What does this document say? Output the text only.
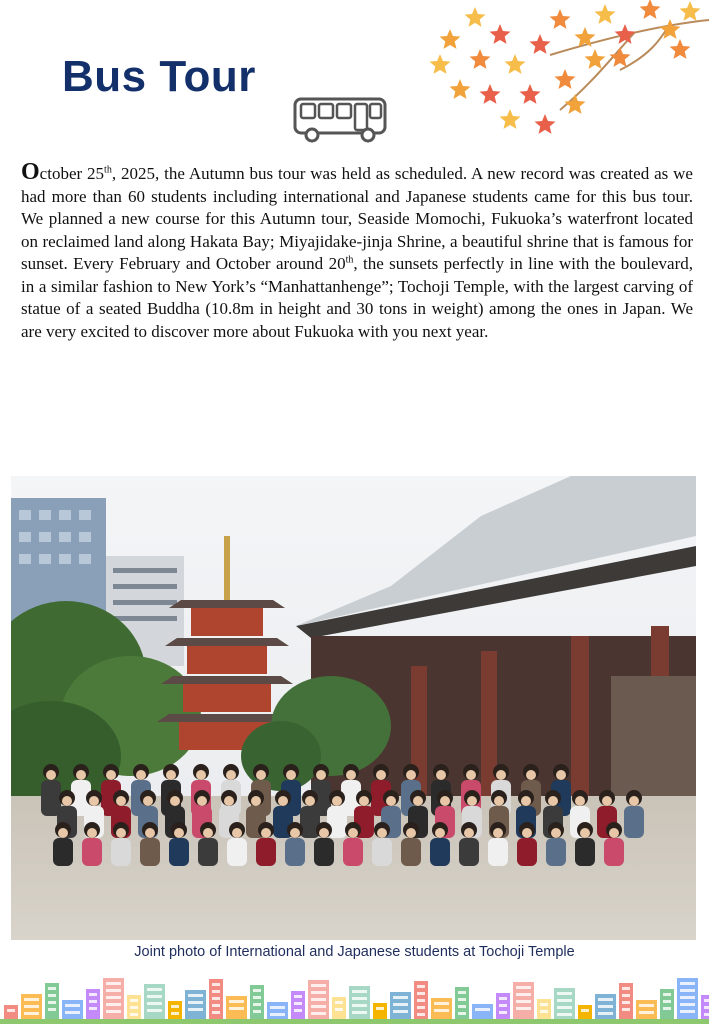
Bus Tour

October 25th, 2025, the Autumn bus tour was held as scheduled. A new record was created as we had more than 60 students including international and Japanese students came for this bus tour. We planned a new course for this Autumn tour, Seaside Momochi, Fukuoka’s waterfront located on reclaimed land along Hakata Bay; Miyajidake-jinja Shrine, a beautiful shrine that is famous for sunset. Every February and October around 20th, the sunsets perfectly in line with the boulevard, in a similar fashion to New York’s “Manhattanhenge”; Tochoji Temple, with the largest carving of statue of a seated Buddha (10.8m in height and 30 tons in weight) among the ones in Japan. We are very excited to discover more about Fukuoka with you next year.

Joint photo of International and Japanese students at Tochoji Temple
